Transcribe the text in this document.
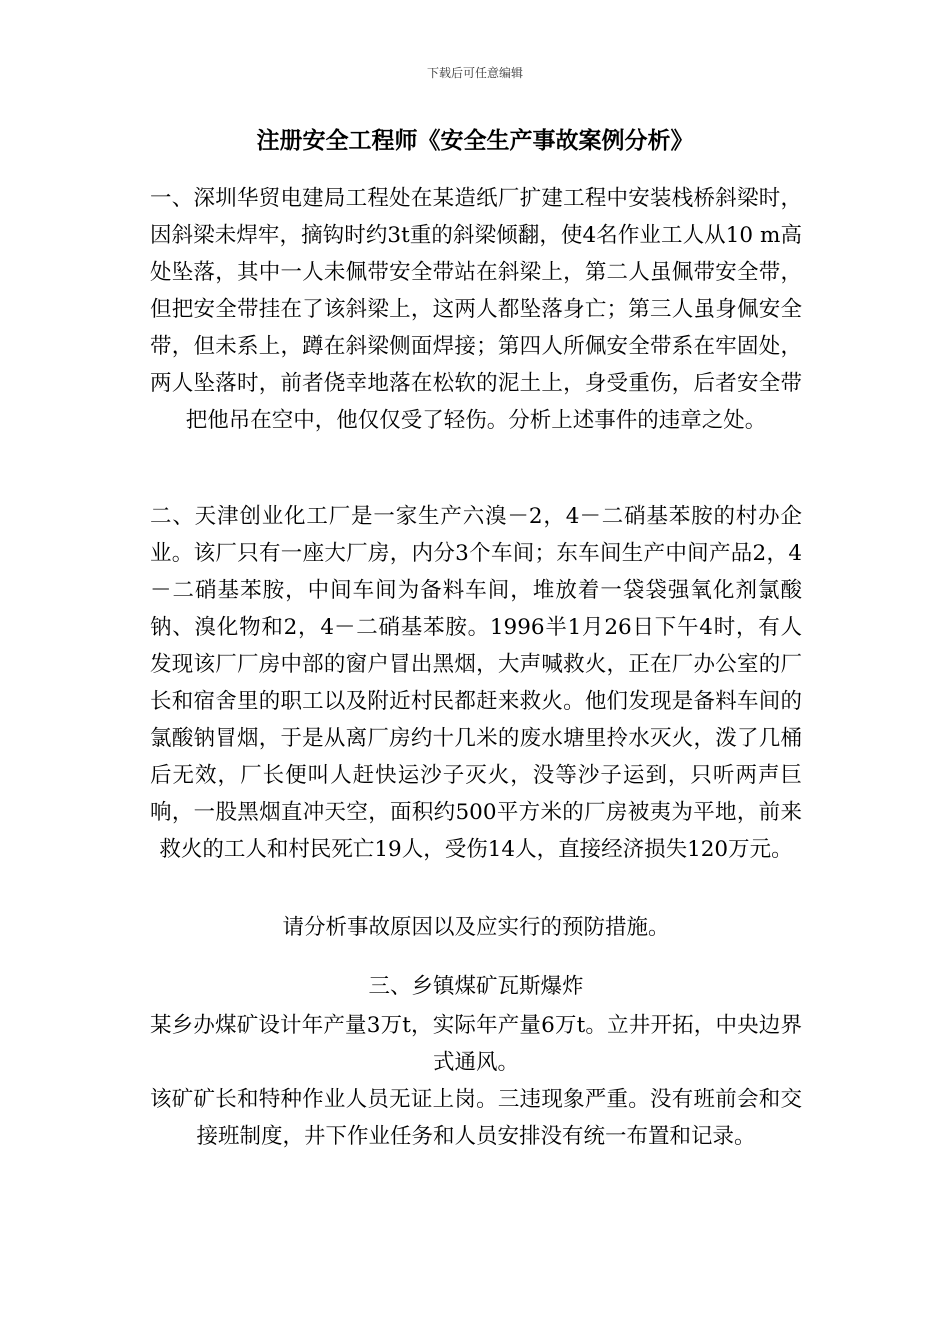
下载后可任意编辑
注册安全工程师《安全生产事故案例分析》

一、深圳华贸电建局工程处在某造纸厂扩建工程中安装栈桥斜梁时，因斜梁未焊牢，摘钩时约3t重的斜梁倾翻，使4名作业工人从10 m高处坠落，其中一人未佩带安全带站在斜梁上，第二人虽佩带安全带，但把安全带挂在了该斜梁上，这两人都坠落身亡；第三人虽身佩安全带，但未系上，蹲在斜梁侧面焊接；第四人所佩安全带系在牢固处，两人坠落时，前者侥幸地落在松软的泥土上，身受重伤，后者安全带把他吊在空中，他仅仅受了轻伤。分析上述事件的违章之处。

二、天津创业化工厂是一家生产六溴－2，4－二硝基苯胺的村办企业。该厂只有一座大厂房，内分3个车间；东车间生产中间产品2，4－二硝基苯胺，中间车间为备料车间，堆放着一袋袋强氧化剂氯酸钠、溴化物和2，4－二硝基苯胺。1996半1月26日下午4时，有人发现该厂厂房中部的窗户冒出黑烟，大声喊救火，正在厂办公室的厂长和宿舍里的职工以及附近村民都赶来救火。他们发现是备料车间的氯酸钠冒烟，于是从离厂房约十几米的废水塘里拎水灭火，泼了几桶后无效，厂长便叫人赶快运沙子灭火，没等沙子运到，只听两声巨响，一股黑烟直冲天空，面积约500平方米的厂房被夷为平地，前来救火的工人和村民死亡19人，受伤14人，直接经济损失120万元。

请分析事故原因以及应实行的预防措施。

三、乡镇煤矿瓦斯爆炸

某乡办煤矿设计年产量3万t，实际年产量6万t。立井开拓，中央边界式通风。

该矿矿长和特种作业人员无证上岗。三违现象严重。没有班前会和交接班制度，井下作业任务和人员安排没有统一布置和记录。
